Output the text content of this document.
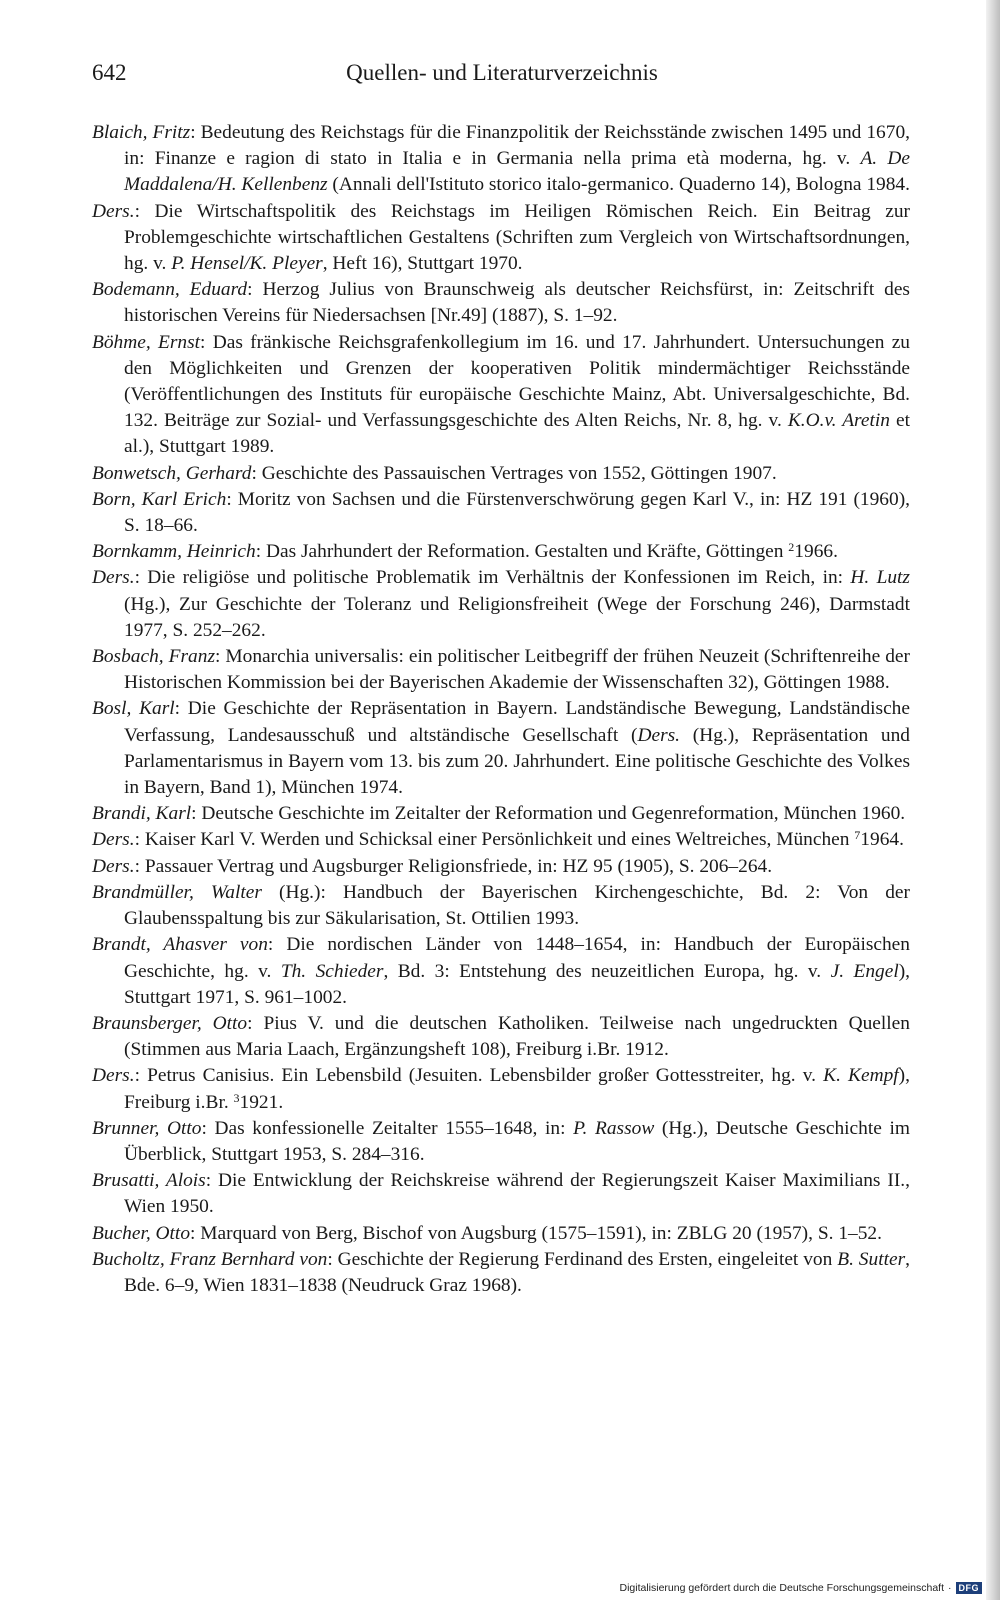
642	Quellen- und Literaturverzeichnis

Blaich, Fritz: Bedeutung des Reichstags für die Finanzpolitik der Reichsstände zwischen 1495 und 1670, in: Finanze e ragion di stato in Italia e in Germania nella prima età moderna, hg. v. A. De Maddalena/H. Kellenbenz (Annali dell'Istituto storico italo-germanico. Quaderno 14), Bologna 1984.

Ders.: Die Wirtschaftspolitik des Reichstags im Heiligen Römischen Reich. Ein Beitrag zur Problemgeschichte wirtschaftlichen Gestaltens (Schriften zum Vergleich von Wirtschaftsordnungen, hg. v. P. Hensel/K. Pleyer, Heft 16), Stuttgart 1970.

Bodemann, Eduard: Herzog Julius von Braunschweig als deutscher Reichsfürst, in: Zeitschrift des historischen Vereins für Niedersachsen [Nr.49] (1887), S. 1–92.

Böhme, Ernst: Das fränkische Reichsgrafenkollegium im 16. und 17. Jahrhundert. Untersuchungen zu den Möglichkeiten und Grenzen der kooperativen Politik mindermächtiger Reichsstände (Veröffentlichungen des Instituts für europäische Geschichte Mainz, Abt. Universalgeschichte, Bd. 132. Beiträge zur Sozial- und Verfassungsgeschichte des Alten Reichs, Nr. 8, hg. v. K.O.v. Aretin et al.), Stuttgart 1989.

Bonwetsch, Gerhard: Geschichte des Passauischen Vertrages von 1552, Göttingen 1907.

Born, Karl Erich: Moritz von Sachsen und die Fürstenverschwörung gegen Karl V., in: HZ 191 (1960), S. 18–66.

Bornkamm, Heinrich: Das Jahrhundert der Reformation. Gestalten und Kräfte, Göttingen $^2$1966.

Ders.: Die religiöse und politische Problematik im Verhältnis der Konfessionen im Reich, in: H. Lutz (Hg.), Zur Geschichte der Toleranz und Religionsfreiheit (Wege der Forschung 246), Darmstadt 1977, S. 252–262.

Bosbach, Franz: Monarchia universalis: ein politischer Leitbegriff der frühen Neuzeit (Schriftenreihe der Historischen Kommission bei der Bayerischen Akademie der Wissenschaften 32), Göttingen 1988.

Bosl, Karl: Die Geschichte der Repräsentation in Bayern. Landständische Bewegung, Landständische Verfassung, Landesausschuß und altständische Gesellschaft (Ders. (Hg.), Repräsentation und Parlamentarismus in Bayern vom 13. bis zum 20. Jahrhundert. Eine politische Geschichte des Volkes in Bayern, Band 1), München 1974.

Brandi, Karl: Deutsche Geschichte im Zeitalter der Reformation und Gegenreformation, München 1960.

Ders.: Kaiser Karl V. Werden und Schicksal einer Persönlichkeit und eines Weltreiches, München $^7$1964.

Ders.: Passauer Vertrag und Augsburger Religionsfriede, in: HZ 95 (1905), S. 206–264.

Brandmüller, Walter (Hg.): Handbuch der Bayerischen Kirchengeschichte, Bd. 2: Von der Glaubensspaltung bis zur Säkularisation, St. Ottilien 1993.

Brandt, Ahasver von: Die nordischen Länder von 1448–1654, in: Handbuch der Europäischen Geschichte, hg. v. Th. Schieder, Bd. 3: Entstehung des neuzeitlichen Europa, hg. v. J. Engel), Stuttgart 1971, S. 961–1002.

Braunsberger, Otto: Pius V. und die deutschen Katholiken. Teilweise nach ungedruckten Quellen (Stimmen aus Maria Laach, Ergänzungsheft 108), Freiburg i.Br. 1912.

Ders.: Petrus Canisius. Ein Lebensbild (Jesuiten. Lebensbilder großer Gottesstreiter, hg. v. K. Kempf), Freiburg i.Br. $^3$1921.

Brunner, Otto: Das konfessionelle Zeitalter 1555–1648, in: P. Rassow (Hg.), Deutsche Geschichte im Überblick, Stuttgart 1953, S. 284–316.

Brusatti, Alois: Die Entwicklung der Reichskreise während der Regierungszeit Kaiser Maximilians II., Wien 1950.

Bucher, Otto: Marquard von Berg, Bischof von Augsburg (1575–1591), in: ZBLG 20 (1957), S. 1–52.

Bucholtz, Franz Bernhard von: Geschichte der Regierung Ferdinand des Ersten, eingeleitet von B. Sutter, Bde. 6–9, Wien 1831–1838 (Neudruck Graz 1968).

Digitalisierung gefördert durch die Deutsche Forschungsgemeinschaft · DFG
